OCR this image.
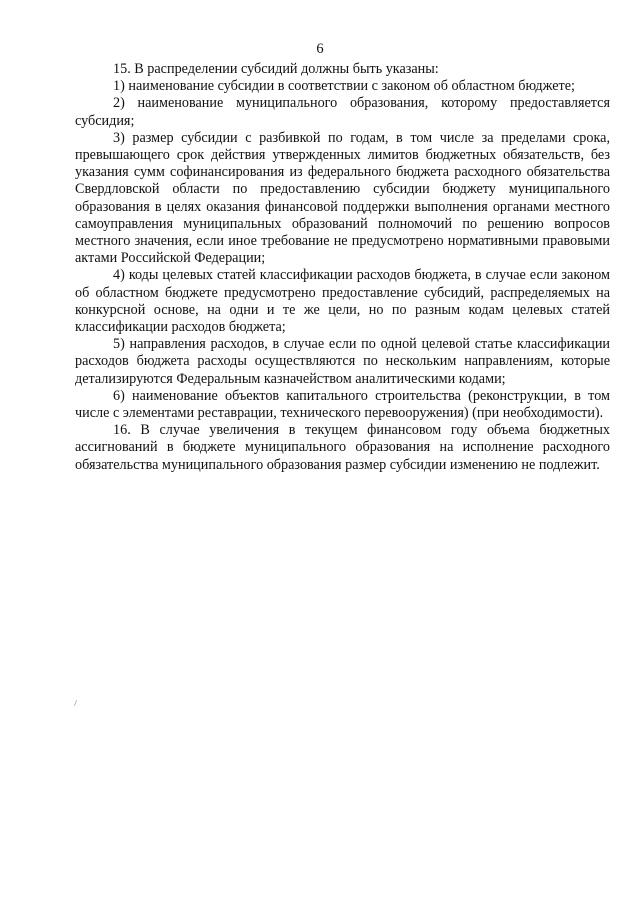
6

15. В распределении субсидий должны быть указаны:

1) наименование субсидии в соответствии с законом об областном бюджете;

2) наименование муниципального образования, которому предоставляется субсидия;

3) размер субсидии с разбивкой по годам, в том числе за пределами срока, превышающего срок действия утвержденных лимитов бюджетных обязательств, без указания сумм софинансирования из федерального бюджета расходного обязательства Свердловской области по предоставлению субсидии бюджету муниципального образования в целях оказания финансовой поддержки выполнения органами местного самоуправления муниципальных образований полномочий по решению вопросов местного значения, если иное требование не предусмотрено нормативными правовыми актами Российской Федерации;

4) коды целевых статей классификации расходов бюджета, в случае если законом об областном бюджете предусмотрено предоставление субсидий, распределяемых на конкурсной основе, на одни и те же цели, но по разным кодам целевых статей классификации расходов бюджета;

5) направления расходов, в случае если по одной целевой статье классификации расходов бюджета расходы осуществляются по нескольким направлениям, которые детализируются Федеральным казначейством аналитическими кодами;

6) наименование объектов капитального строительства (реконструкции, в том числе с элементами реставрации, технического перевооружения) (при необходимости).

16. В случае увеличения в текущем финансовом году объема бюджетных ассигнований в бюджете муниципального образования на исполнение расходного обязательства муниципального образования размер субсидии изменению не подлежит.
